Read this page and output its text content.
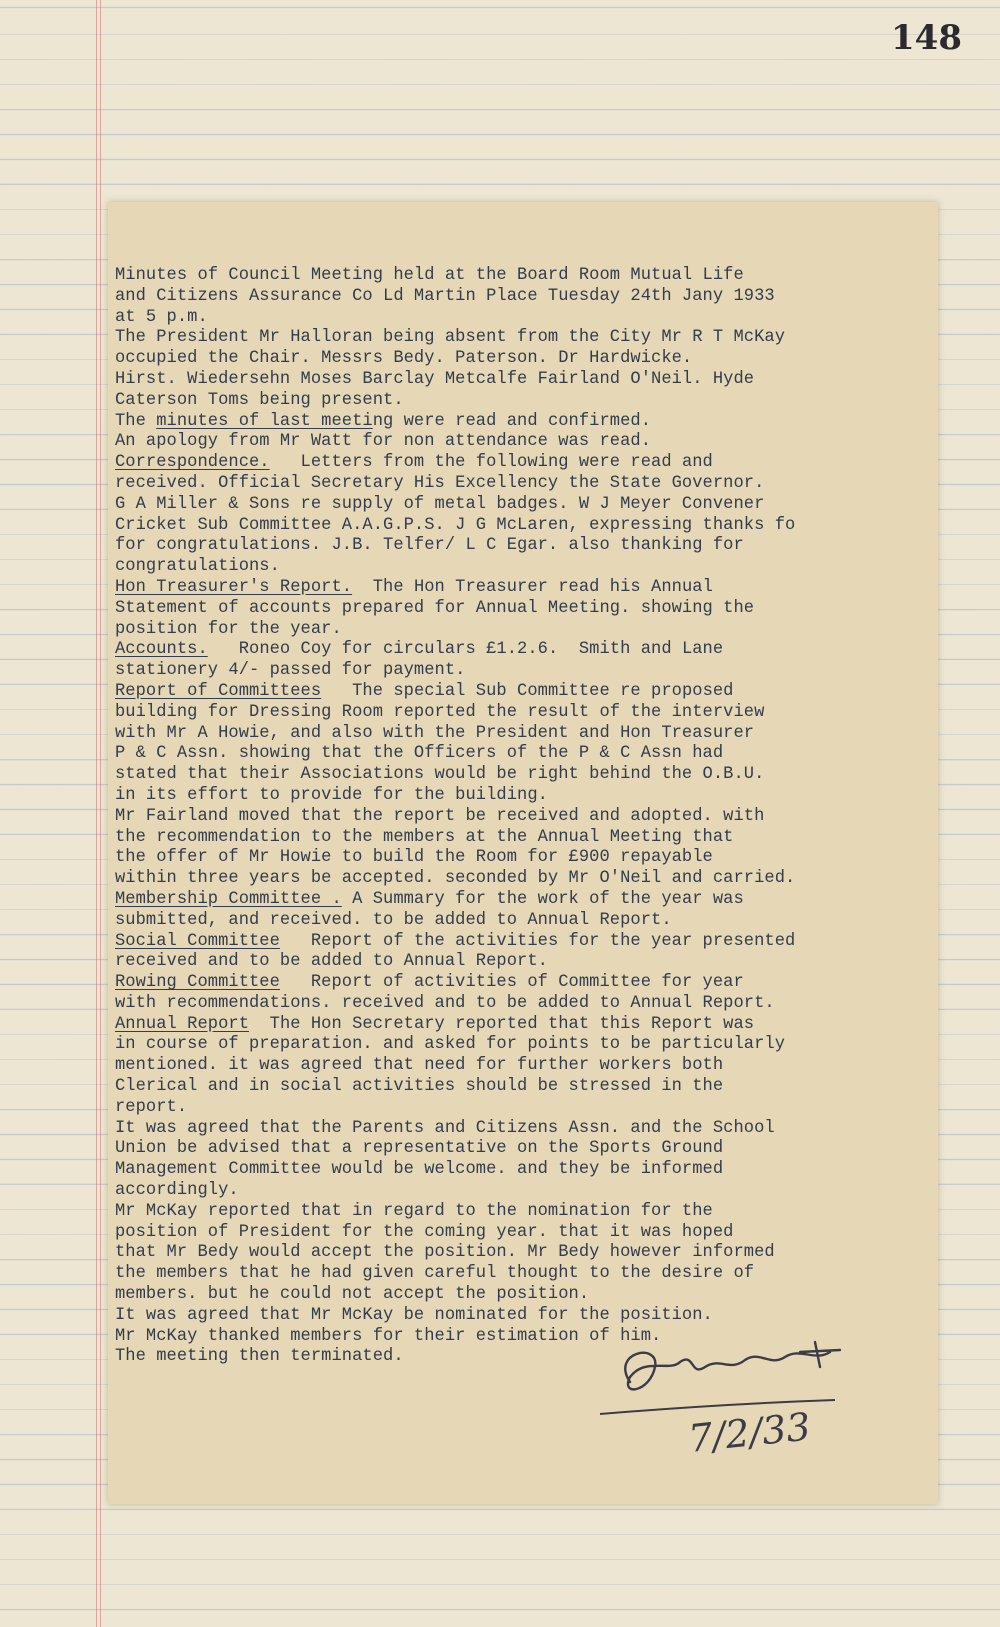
148

Minutes of Council Meeting held at the Board Room Mutual Life
and Citizens Assurance Co Ld Martin Place Tuesday 24th Jany 1933
at 5 p.m.
The President Mr Halloran being absent from the City Mr R T McKay
occupied the Chair. Messrs Bedy. Paterson. Dr Hardwicke.
Hirst. Wiedersehn Moses Barclay Metcalfe Fairland O'Neil. Hyde
Caterson Toms being present.
The minutes of last meeting were read and confirmed.
An apology from Mr Watt for non attendance was read.
Correspondence.   Letters from the following were read and
received. Official Secretary His Excellency the State Governor.
G A Miller & Sons re supply of metal badges. W J Meyer Convener
Cricket Sub Committee A.A.G.P.S. J G McLaren, expressing thanks fo
for congratulations. J.B. Telfer/ L C Egar. also thanking for
congratulations.
Hon Treasurer's Report.  The Hon Treasurer read his Annual
Statement of accounts prepared for Annual Meeting. showing the
position for the year.
Accounts.   Roneo Coy for circulars £1.2.6.  Smith and Lane
stationery 4/- passed for payment.
Report of Committees   The special Sub Committee re proposed
building for Dressing Room reported the result of the interview
with Mr A Howie, and also with the President and Hon Treasurer
P & C Assn. showing that the Officers of the P & C Assn had
stated that their Associations would be right behind the O.B.U.
in its effort to provide for the building.
Mr Fairland moved that the report be received and adopted. with
the recommendation to the members at the Annual Meeting that
the offer of Mr Howie to build the Room for £900 repayable
within three years be accepted. seconded by Mr O'Neil and carried.
Membership Committee . A Summary for the work of the year was
submitted, and received. to be added to Annual Report.
Social Committee   Report of the activities for the year presented
received and to be added to Annual Report.
Rowing Committee   Report of activities of Committee for year
with recommendations. received and to be added to Annual Report.
Annual Report  The Hon Secretary reported that this Report was
in course of preparation. and asked for points to be particularly
mentioned. it was agreed that need for further workers both
Clerical and in social activities should be stressed in the
report.
It was agreed that the Parents and Citizens Assn. and the School
Union be advised that a representative on the Sports Ground
Management Committee would be welcome. and they be informed
accordingly.
Mr McKay reported that in regard to the nomination for the
position of President for the coming year. that it was hoped
that Mr Bedy would accept the position. Mr Bedy however informed
the members that he had given careful thought to the desire of
members. but he could not accept the position.
It was agreed that Mr McKay be nominated for the position.
Mr McKay thanked members for their estimation of him.
The meeting then terminated.
7/2/33
